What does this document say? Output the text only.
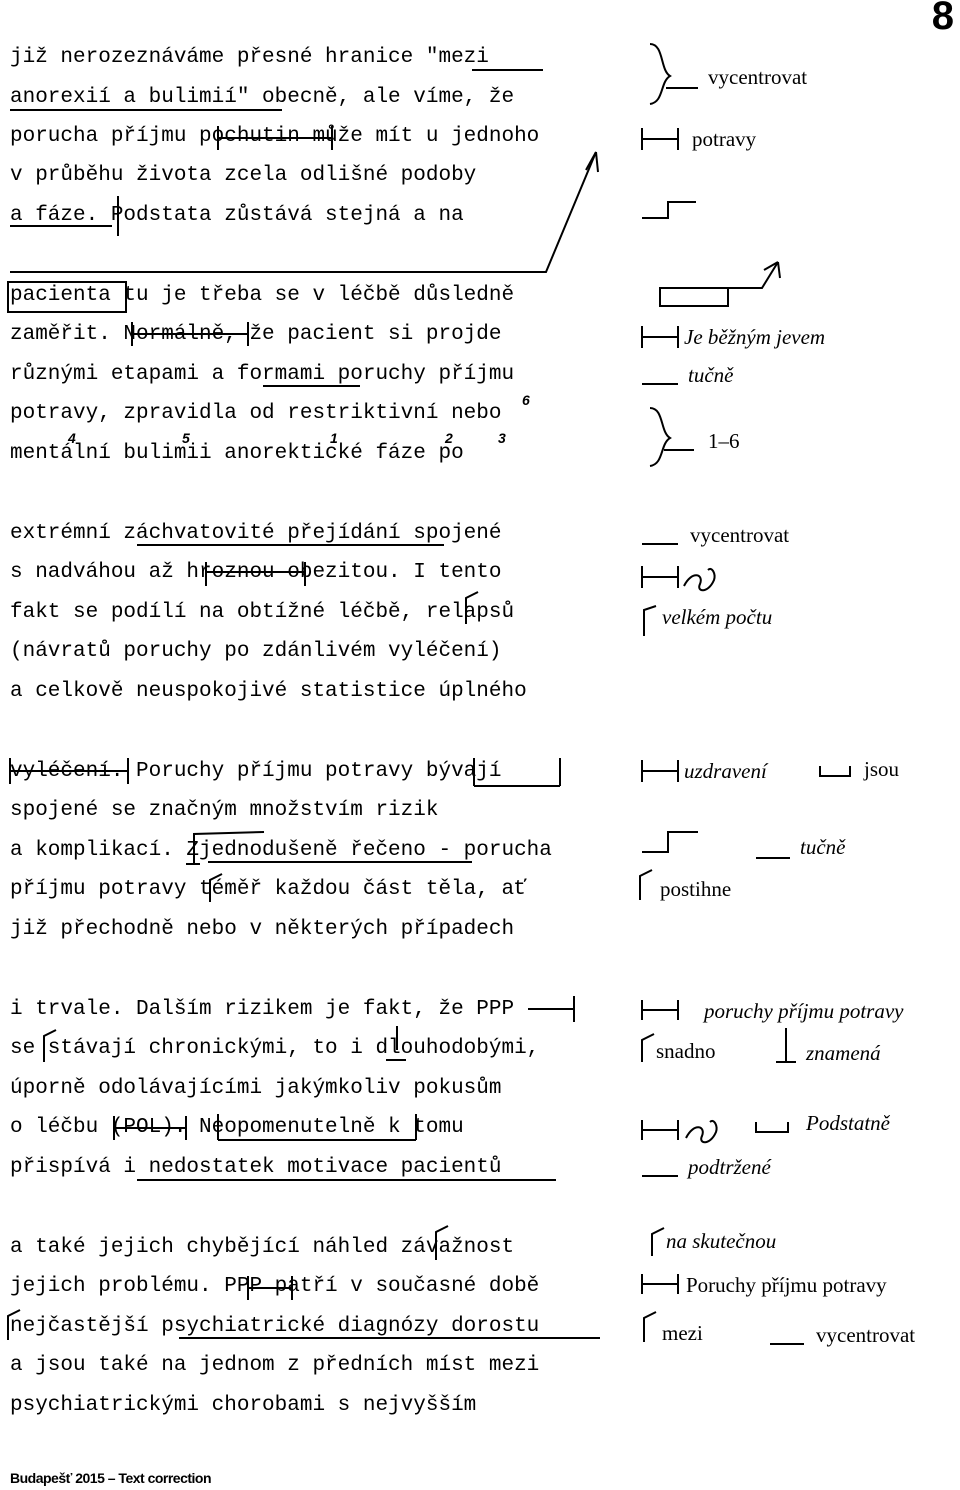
8
již nerozeznáváme přesné hranice "mezi
anorexií a bulimií" obecně, ale víme, že
porucha příjmu pochutin může mít u jednoho
v průběhu života zcela odlišné podoby
a fáze. Podstata zůstává stejná a na
pacienta tu je třeba se v léčbě důsledně
zaměřit. Normálně, že pacient si projde
různými etapami a formami poruchy příjmu
potravy, zpravidla od restriktivní nebo
mentální bulimii anorektické fáze po
extrémní záchvatovité přejídání spojené
s nadváhou až hroznou obezitou. I tento
fakt se podílí na obtížné léčbě, relapsů
(návratů poruchy po zdánlivém vyléčení)
a celkově neuspokojivé statistice úplného
vyléčení. Poruchy příjmu potravy bývají
spojené se značným množstvím rizik
a komplikací. Zjednodušeně řečeno - porucha
příjmu potravy téměř každou část těla, ať
již přechodně nebo v některých případech
i trvale. Dalším rizikem je fakt, že PPP
se stávají chronickými, to i dlouhodobými,
úporně odolávajícími jakýmkoliv pokusům
o léčbu (POL). Neopomenutelně k tomu
přispívá i nedostatek motivace pacientů
a také jejich chybějící náhled závažnost
jejich problému. PPP patří v současné době
nejčastější psychiatrické diagnózy dorostu
a jsou také na jednom z předních míst mezi
psychiatrickými chorobami s nejvyšším
6
4	5	1	2	3
vycentrovat
potravy
Je běžným jevem
tučně
1–6
vycentrovat
velkém počtu
uzdravení	jsou
tučně
postihne
poruchy příjmu potravy
snadno	znamená
Podstatně
podtržené
na skutečnou
Poruchy příjmu potravy
mezi	vycentrovat
Budapešť 2015 – Text correction
